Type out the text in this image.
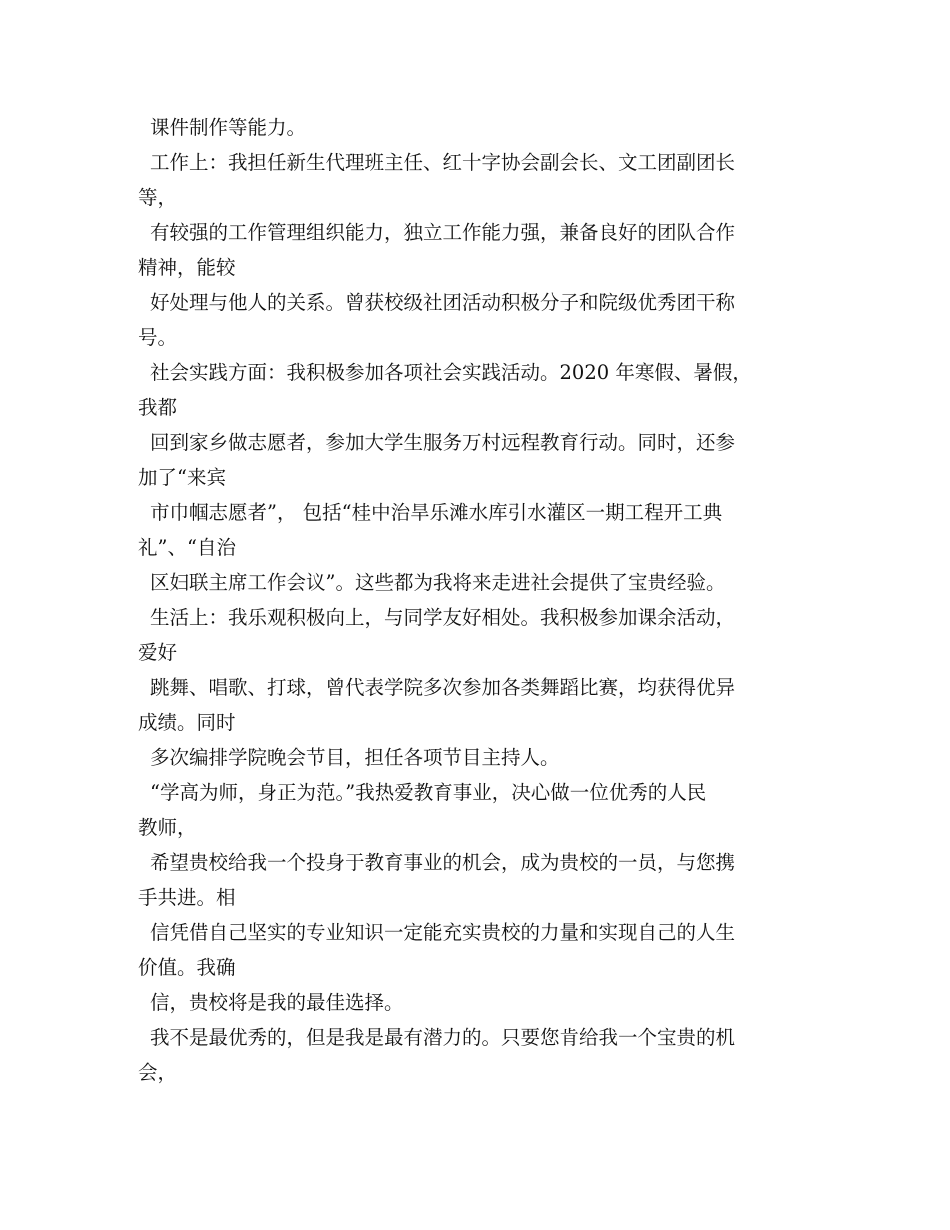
课件制作等能力。
工作上：我担任新生代理班主任、红十字协会副会长、文工团副团长
等，
有较强的工作管理组织能力，独立工作能力强，兼备良好的团队合作
精神，能较
好处理与他人的关系。曾获校级社团活动积极分子和院级优秀团干称
号。
社会实践方面：我积极参加各项社会实践活动。2020 年寒假、暑假，
我都
回到家乡做志愿者，参加大学生服务万村远程教育行动。同时，还参
加了“来宾
市巾帼志愿者”， 包括“桂中治旱乐滩水库引水灌区一期工程开工典
礼”、“自治
区妇联主席工作会议”。这些都为我将来走进社会提供了宝贵经验。
生活上：我乐观积极向上，与同学友好相处。我积极参加课余活动，
爱好
跳舞、唱歌、打球，曾代表学院多次参加各类舞蹈比赛，均获得优异
成绩。同时
多次编排学院晚会节目，担任各项节目主持人。
“学高为师，身正为范。”我热爱教育事业，决心做一位优秀的人民
教师，
希望贵校给我一个投身于教育事业的机会，成为贵校的一员，与您携
手共进。相
信凭借自己坚实的专业知识一定能充实贵校的力量和实现自己的人生
价值。我确
信，贵校将是我的最佳选择。
我不是最优秀的，但是我是最有潜力的。只要您肯给我一个宝贵的机
会，
